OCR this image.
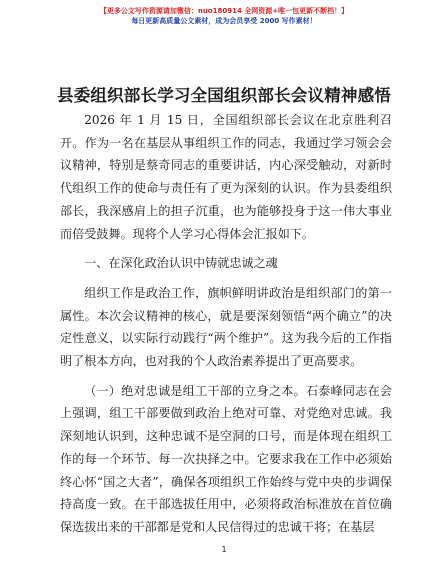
【更多公文写作资源请加微信：nuo180914 全网资源+唯一包更新不断档！】
每日更新高质量公文素材，成为会员享受 2000 写作素材！
县委组织部长学习全国组织部长会议精神感悟

2026 年 1 月 15 日，全国组织部长会议在北京胜利召开。作为一名在基层从事组织工作的同志，我通过学习领会会议精神，特别是蔡奇同志的重要讲话，内心深受触动，对新时代组织工作的使命与责任有了更为深刻的认识。作为县委组织部长，我深感肩上的担子沉重，也为能够投身于这一伟大事业而倍受鼓舞。现将个人学习心得体会汇报如下。

一、在深化政治认识中铸就忠诚之魂

组织工作是政治工作，旗帜鲜明讲政治是组织部门的第一属性。本次会议精神的核心，就是要深刻领悟“两个确立”的决定性意义，以实际行动践行“两个维护”。这为我今后的工作指明了根本方向，也对我的个人政治素养提出了更高要求。

（一）绝对忠诚是组工干部的立身之本。石泰峰同志在会上强调，组工干部要做到政治上绝对可靠、对党绝对忠诚。我深刻地认识到，这种忠诚不是空洞的口号，而是体现在组织工作的每一个环节、每一次抉择之中。它要求我在工作中必须始终心怀“国之大者”，确保各项组织工作始终与党中央的步调保持高度一致。在干部选拔任用中，必须将政治标准放在首位确保选拔出来的干部都是党和人民信得过的忠诚干将；在基层

1
